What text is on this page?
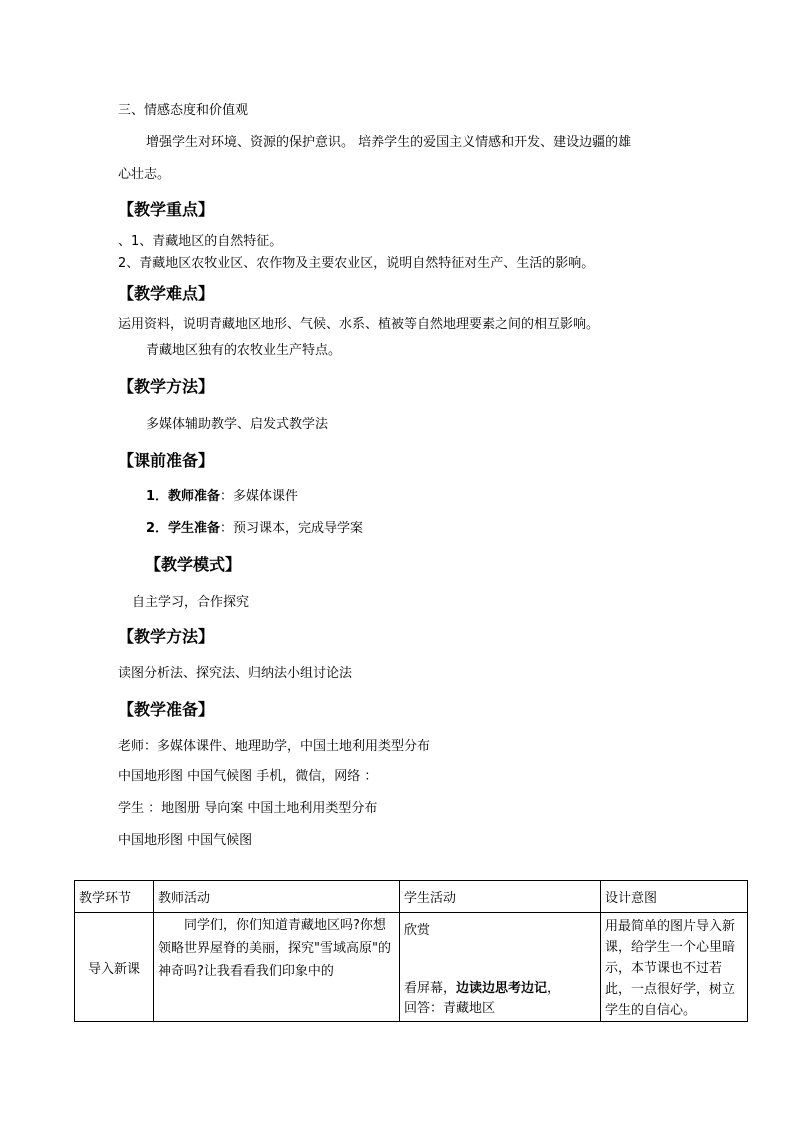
三、情感态度和价值观
增强学生对环境、资源的保护意识。 培养学生的爱国主义情感和开发、建设边疆的雄
心壮志。
【教学重点】
、1、青藏地区的自然特征。
2、青藏地区农牧业区、农作物及主要农业区，说明自然特征对生产、生活的影响。
【教学难点】
运用资料，说明青藏地区地形、气候、水系、植被等自然地理要素之间的相互影响。
青藏地区独有的农牧业生产特点。
【教学方法】
多媒体辅助教学、启发式教学法
【课前准备】
1．教师准备：多媒体课件
2．学生准备：预习课本，完成导学案
【教学模式】
自主学习，合作探究
【教学方法】
读图分析法、探究法、归纳法小组讨论法
【教学准备】
老师：多媒体课件、地理助学，中国土地利用类型分布
中国地形图 中国气候图 手机，微信，网络 ：
学生 ：地图册 导向案 中国土地利用类型分布
中国地形图 中国气候图
教学环节	教师活动	学生活动	设计意图
导入新课	同学们，你们知道青藏地区吗?你想领略世界屋脊的美丽，探究"雪域高原"的神奇吗?让我看看我们印象中的	欣赏
看屏幕，边读边思考边记，
回答：青藏地区	用最简单的图片导入新课，给学生一个心里暗示，本节课也不过若此，一点很好学，树立学生的自信心。
